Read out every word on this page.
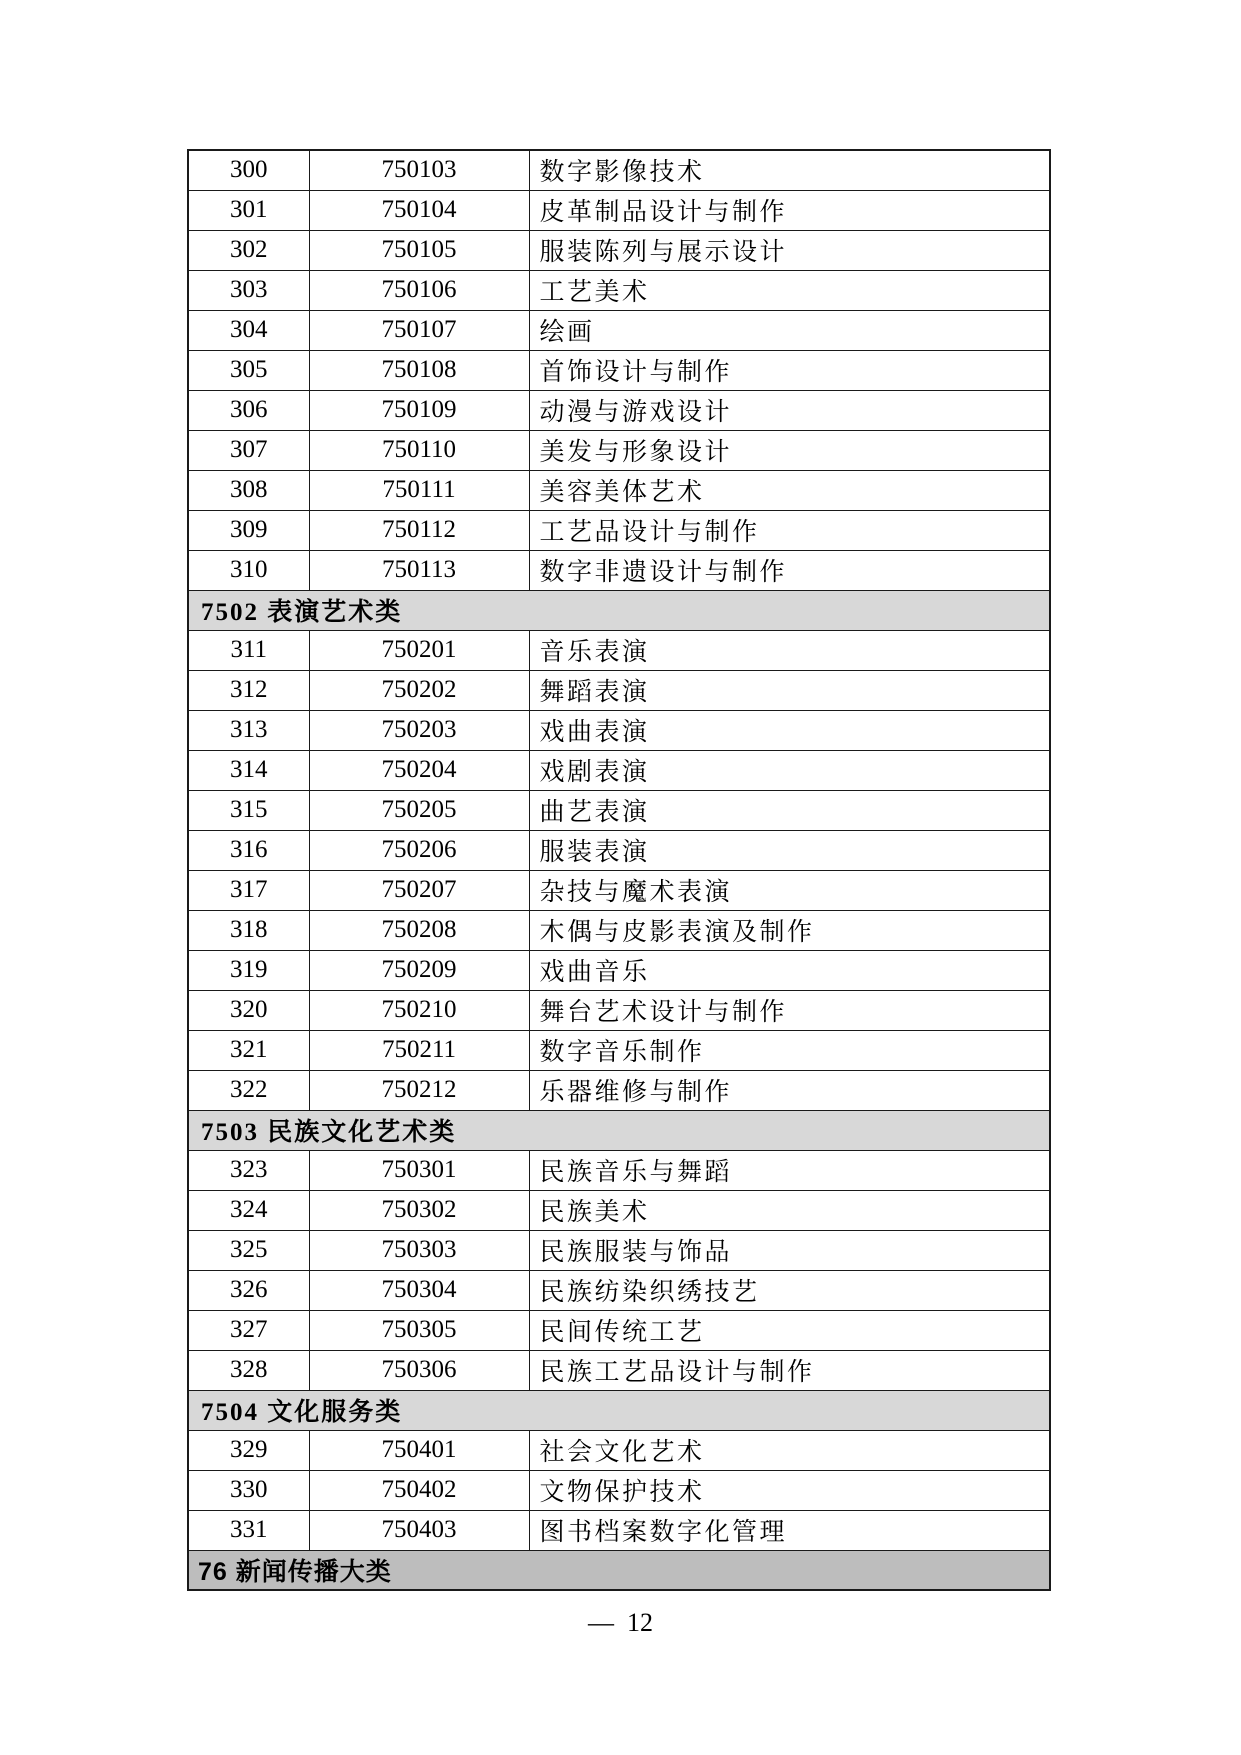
300	750103	数字影像技术
301	750104	皮革制品设计与制作
302	750105	服装陈列与展示设计
303	750106	工艺美术
304	750107	绘画
305	750108	首饰设计与制作
306	750109	动漫与游戏设计
307	750110	美发与形象设计
308	750111	美容美体艺术
309	750112	工艺品设计与制作
310	750113	数字非遗设计与制作
7502 表演艺术类		
311	750201	音乐表演
312	750202	舞蹈表演
313	750203	戏曲表演
314	750204	戏剧表演
315	750205	曲艺表演
316	750206	服装表演
317	750207	杂技与魔术表演
318	750208	木偶与皮影表演及制作
319	750209	戏曲音乐
320	750210	舞台艺术设计与制作
321	750211	数字音乐制作
322	750212	乐器维修与制作
7503 民族文化艺术类		
323	750301	民族音乐与舞蹈
324	750302	民族美术
325	750303	民族服装与饰品
326	750304	民族纺染织绣技艺
327	750305	民间传统工艺
328	750306	民族工艺品设计与制作
7504 文化服务类		
329	750401	社会文化艺术
330	750402	文物保护技术
331	750403	图书档案数字化管理
76 新闻传播大类		
—  12
